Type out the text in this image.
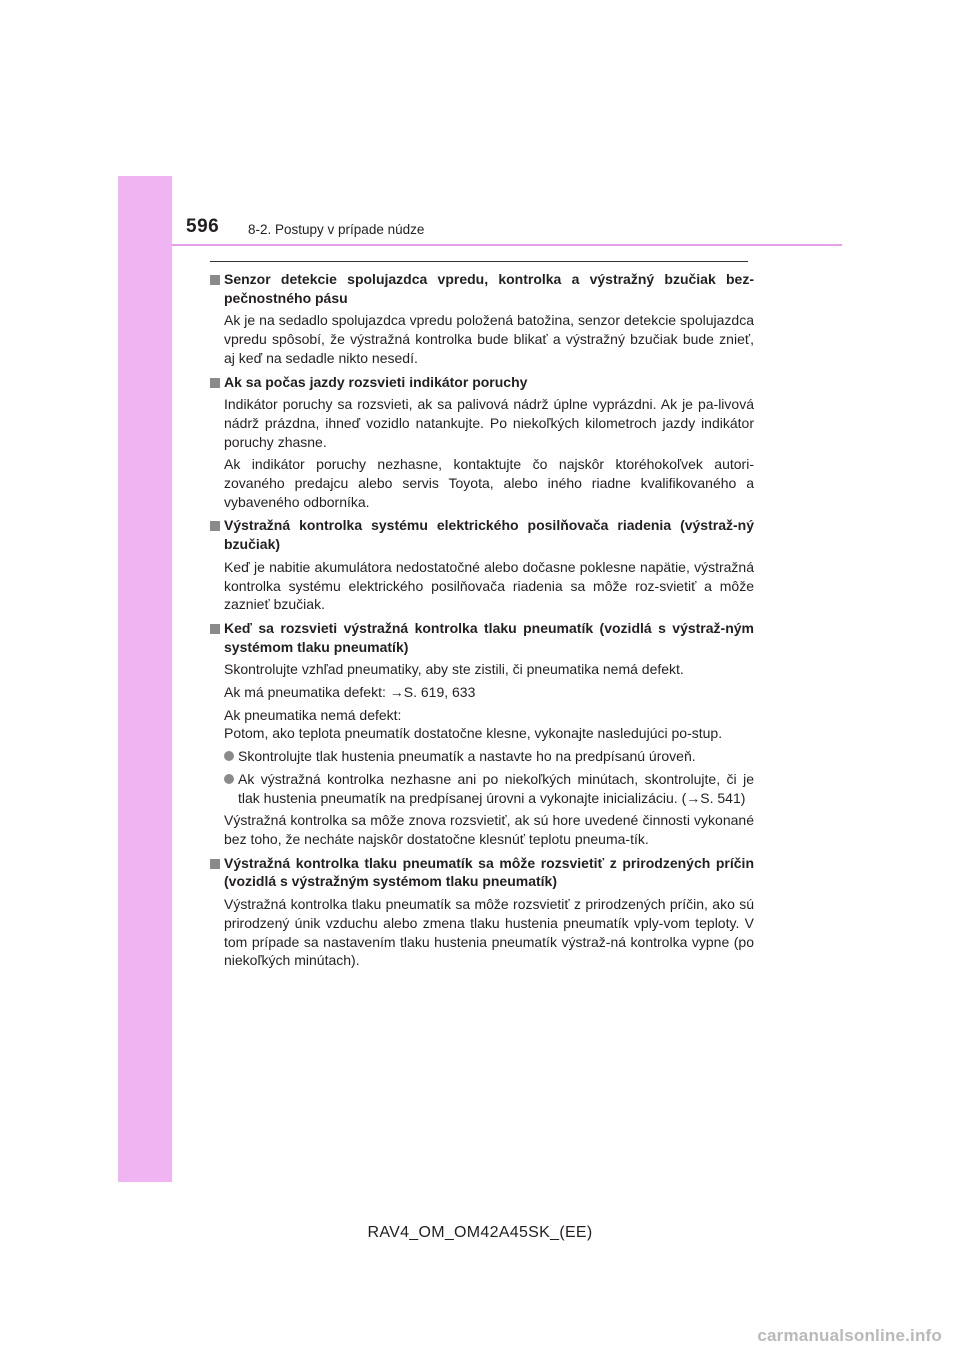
596 8-2. Postupy v prípade núdze
Senzor detekcie spolujazdca vpredu, kontrolka a výstražný bzučiak bez-pečnostného pásu
Ak je na sedadlo spolujazdca vpredu položená batožina, senzor detekcie spolujazdca vpredu spôsobí, že výstražná kontrolka bude blikať a výstražný bzučiak bude znieť, aj keď na sedadle nikto nesedí.
Ak sa počas jazdy rozsvieti indikátor poruchy
Indikátor poruchy sa rozsvieti, ak sa palivová nádrž úplne vyprázdni. Ak je pa-livová nádrž prázdna, ihneď vozidlo natankujte. Po niekoľkých kilometroch jazdy indikátor poruchy zhasne.
Ak indikátor poruchy nezhasne, kontaktujte čo najskôr ktoréhokoľvek autori-zovaného predajcu alebo servis Toyota, alebo iného riadne kvalifikovaného a vybaveného odborníka.
Výstražná kontrolka systému elektrického posilňovača riadenia (výstraž-ný bzučiak)
Keď je nabitie akumulátora nedostatočné alebo dočasne poklesne napätie, výstražná kontrolka systému elektrického posilňovača riadenia sa môže roz-svietiť a môže zaznieť bzučiak.
Keď sa rozsvieti výstražná kontrolka tlaku pneumatík (vozidlá s výstraž-ným systémom tlaku pneumatík)
Skontrolujte vzhľad pneumatiky, aby ste zistili, či pneumatika nemá defekt.
Ak má pneumatika defekt: →S. 619, 633
Ak pneumatika nemá defekt:
Potom, ako teplota pneumatík dostatočne klesne, vykonajte nasledujúci po-stup.
Skontrolujte tlak hustenia pneumatík a nastavte ho na predpísanú úroveň.
Ak výstražná kontrolka nezhasne ani po niekoľkých minútach, skontrolujte, či je tlak hustenia pneumatík na predpísanej úrovni a vykonajte inicializáciu. (→S. 541)
Výstražná kontrolka sa môže znova rozsvietiť, ak sú hore uvedené činnosti vykonané bez toho, že necháte najskôr dostatočne klesnúť teplotu pneuma-tík.
Výstražná kontrolka tlaku pneumatík sa môže rozsvietiť z prirodzených príčin (vozidlá s výstražným systémom tlaku pneumatík)
Výstražná kontrolka tlaku pneumatík sa môže rozsvietiť z prirodzených príčin, ako sú prirodzený únik vzduchu alebo zmena tlaku hustenia pneumatík vply-vom teploty. V tom prípade sa nastavením tlaku hustenia pneumatík výstraž-ná kontrolka vypne (po niekoľkých minútach).
RAV4_OM_OM42A45SK_(EE)
carmanualsonline.info
